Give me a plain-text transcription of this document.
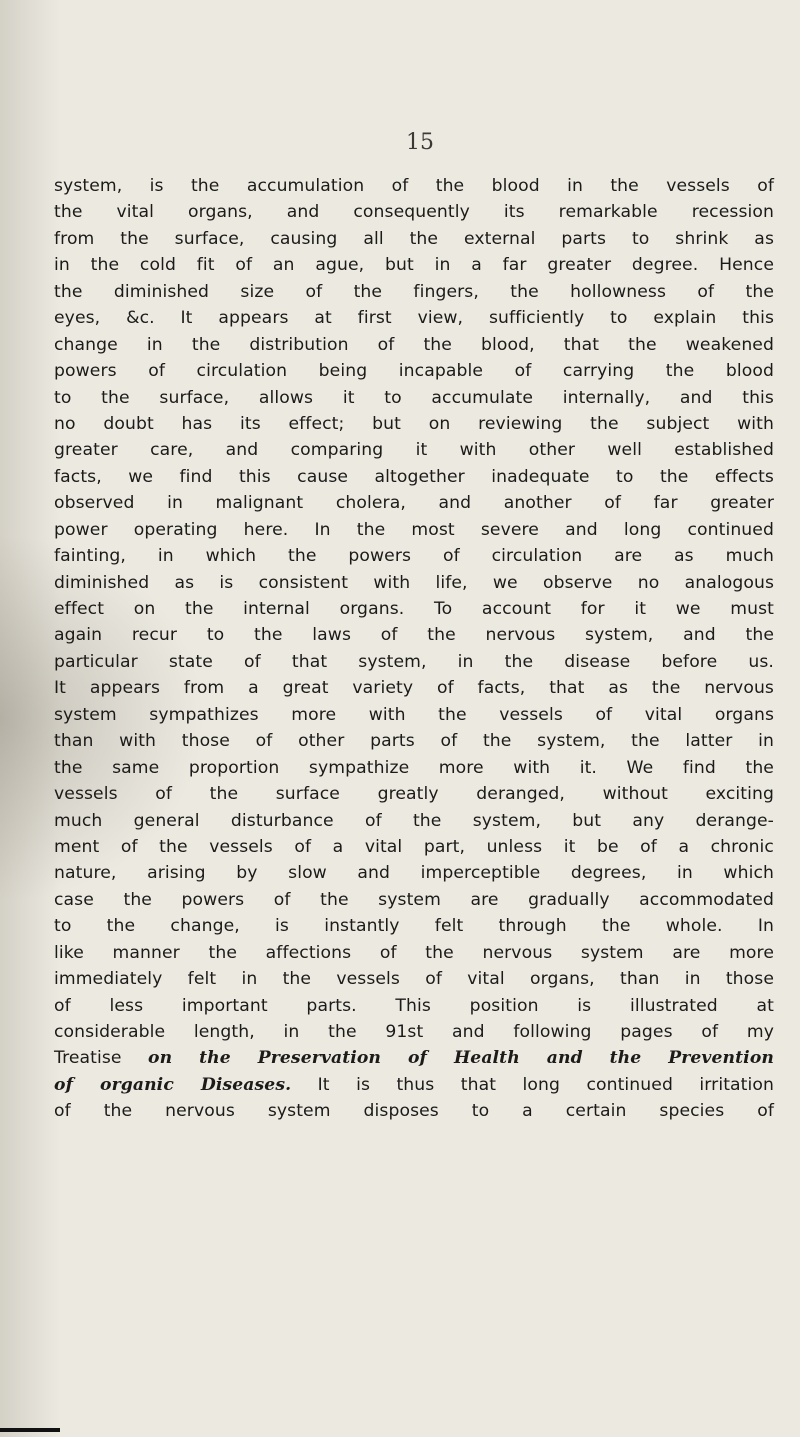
15
system, is the accumulation of the blood in the vessels of
the vital organs, and consequently its remarkable recession
from the surface, causing all the external parts to shrink as
in the cold fit of an ague, but in a far greater degree. Hence
the diminished size of the fingers, the hollowness of the
eyes, &c. It appears at first view, sufficiently to explain this
change in the distribution of the blood, that the weakened
powers of circulation being incapable of carrying the blood
to the surface, allows it to accumulate internally, and this
no doubt has its effect; but on reviewing the subject with
greater care, and comparing it with other well established
facts, we find this cause altogether inadequate to the effects
observed in malignant cholera, and another of far greater
power operating here. In the most severe and long continued
fainting, in which the powers of circulation are as much
diminished as is consistent with life, we observe no analogous
effect on the internal organs. To account for it we must
again recur to the laws of the nervous system, and the
particular state of that system, in the disease before us.
It appears from a great variety of facts, that as the nervous
system sympathizes more with the vessels of vital organs
than with those of other parts of the system, the latter in
the same proportion sympathize more with it. We find the
vessels of the surface greatly deranged, without exciting
much general disturbance of the system, but any derange-
ment of the vessels of a vital part, unless it be of a chronic
nature, arising by slow and imperceptible degrees, in which
case the powers of the system are gradually accommodated
to the change, is instantly felt through the whole. In
like manner the affections of the nervous system are more
immediately felt in the vessels of vital organs, than in those
of less important parts. This position is illustrated at
considerable length, in the 91st and following pages of my
Treatise on the Preservation of Health and the Prevention
of organic Diseases. It is thus that long continued irritation
of the nervous system disposes to a certain species of
